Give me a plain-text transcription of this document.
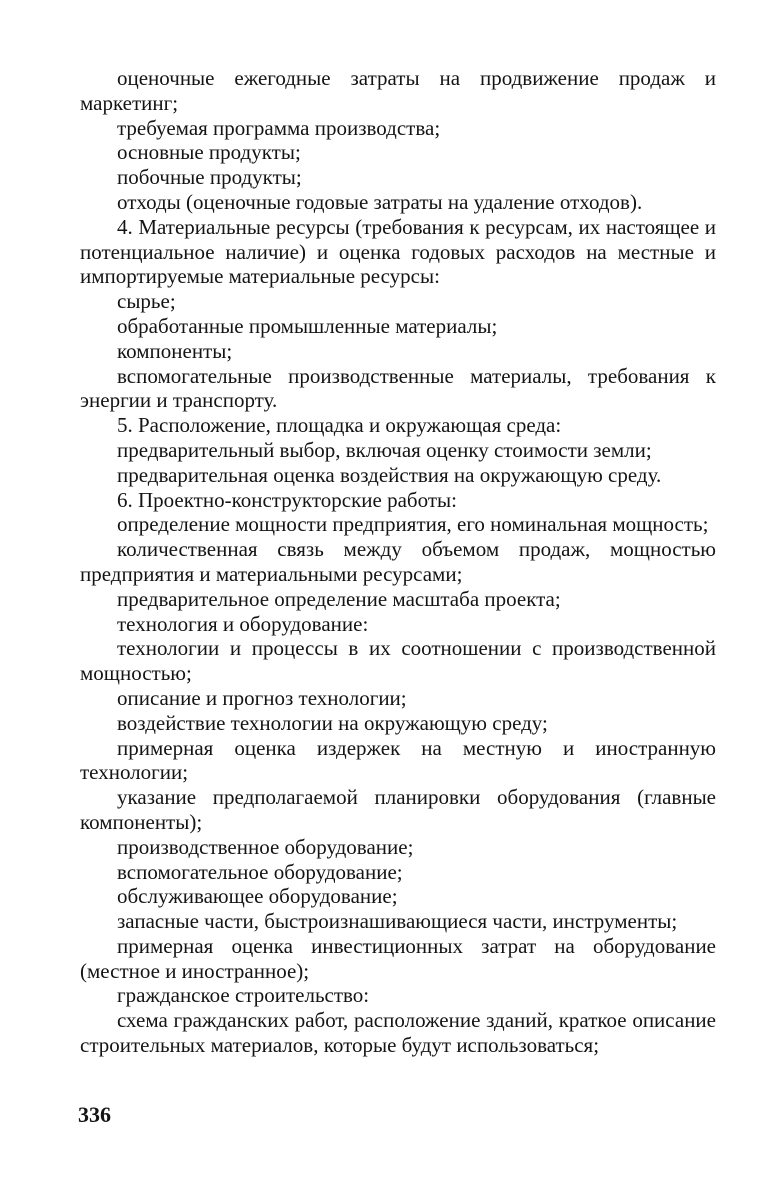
оценочные ежегодные затраты на продвижение продаж и маркетинг;

требуемая программа производства;

основные продукты;

побочные продукты;

отходы (оценочные годовые затраты на удаление отходов).

4. Материальные ресурсы (требования к ресурсам, их настоящее и потенциальное наличие) и оценка годовых расходов на местные и импортируемые материальные ресурсы:

сырье;

обработанные промышленные материалы;

компоненты;

вспомогательные производственные материалы, требования к энергии и транспорту.

5. Расположение, площадка и окружающая среда:

предварительный выбор, включая оценку стоимости земли;

предварительная оценка воздействия на окружающую среду.

6. Проектно-конструкторские работы:

определение мощности предприятия, его номинальная мощность;

количественная связь между объемом продаж, мощностью предприятия и материальными ресурсами;

предварительное определение масштаба проекта;

технология и оборудование:

технологии и процессы в их соотношении с производственной мощностью;

описание и прогноз технологии;

воздействие технологии на окружающую среду;

примерная оценка издержек на местную и иностранную технологии;

указание предполагаемой планировки оборудования (главные компоненты);

производственное оборудование;

вспомогательное оборудование;

обслуживающее оборудование;

запасные части, быстроизнашивающиеся части, инструменты;

примерная оценка инвестиционных затрат на оборудование (местное и иностранное);

гражданское строительство:

схема гражданских работ, расположение зданий, краткое описание строительных материалов, которые будут использоваться;

336
